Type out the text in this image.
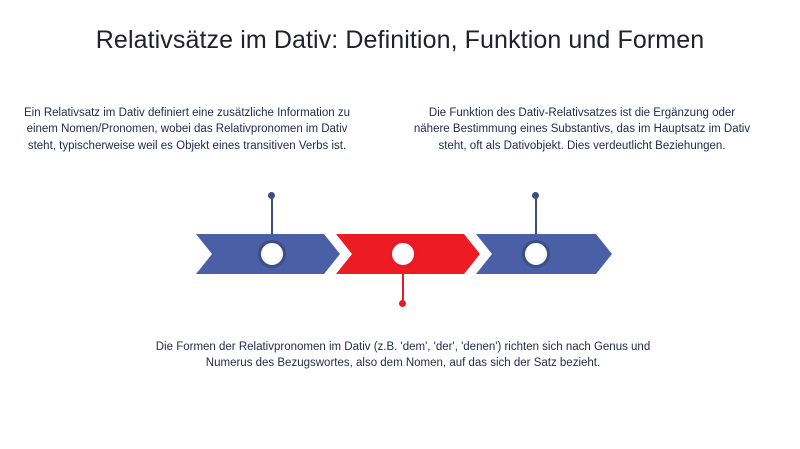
Relativsätze im Dativ: Definition, Funktion und Formen
Ein Relativsatz im Dativ definiert eine zusätzliche Information zu einem Nomen/Pronomen, wobei das Relativpronomen im Dativ steht, typischerweise weil es Objekt eines transitiven Verbs ist.
Die Funktion des Dativ-Relativsatzes ist die Ergänzung oder nähere Bestimmung eines Substantivs, das im Hauptsatz im Dativ steht, oft als Dativobjekt. Dies verdeutlicht Beziehungen.
Die Formen der Relativpronomen im Dativ (z.B. 'dem', 'der', 'denen') richten sich nach Genus und Numerus des Bezugswortes, also dem Nomen, auf das sich der Satz bezieht.
